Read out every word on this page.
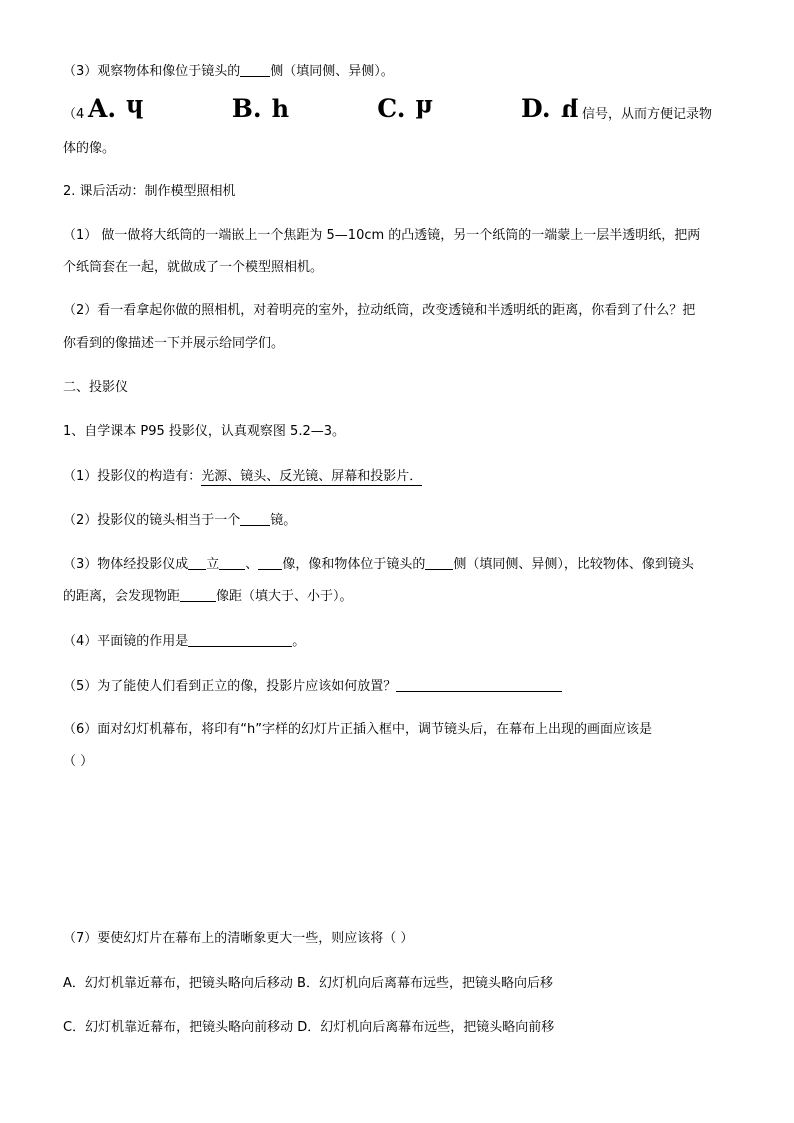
（3）观察物体和像位于镜头的 侧（填同侧、异侧）。
（4	信号，从而方便记录物
体的像。
A. h	B. h	C. h	D. h
2. 课后活动：制作模型照相机
（1） 做一做将大纸筒的一端嵌上一个焦距为 5—10cm 的凸透镜，另一个纸筒的一端蒙上一层半透明纸，把两
个纸筒套在一起，就做成了一个模型照相机。
（2）看一看拿起你做的照相机，对着明亮的室外，拉动纸筒，改变透镜和半透明纸的距离，你看到了什么？把
你看到的像描述一下并展示给同学们。
二、投影仪
1、自学课本 P95 投影仪，认真观察图 5.2—3。
（1）投影仪的构造有：光源、镜头、反光镜、屏幕和投影片．
（2）投影仪的镜头相当于一个 镜。
（3）物体经投影仪成 立 、 像，像和物体位于镜头的 侧（填同侧、异侧），比较物体、像到镜头
的距离，会发现物距	像距（填大于、小于）。
（4）平面镜的作用是	。
（5）为了能使人们看到正立的像，投影片应该如何放置？
（6）面对幻灯机幕布，将印有“h”字样的幻灯片正插入框中，调节镜头后，在幕布上出现的画面应该是
（ ）
（7）要使幻灯片在幕布上的清晰象更大一些，则应该将（ ）
A．幻灯机靠近幕布，把镜头略向后移动 B．幻灯机向后离幕布远些，把镜头略向后移
C．幻灯机靠近幕布，把镜头略向前移动 D．幻灯机向后离幕布远些，把镜头略向前移
